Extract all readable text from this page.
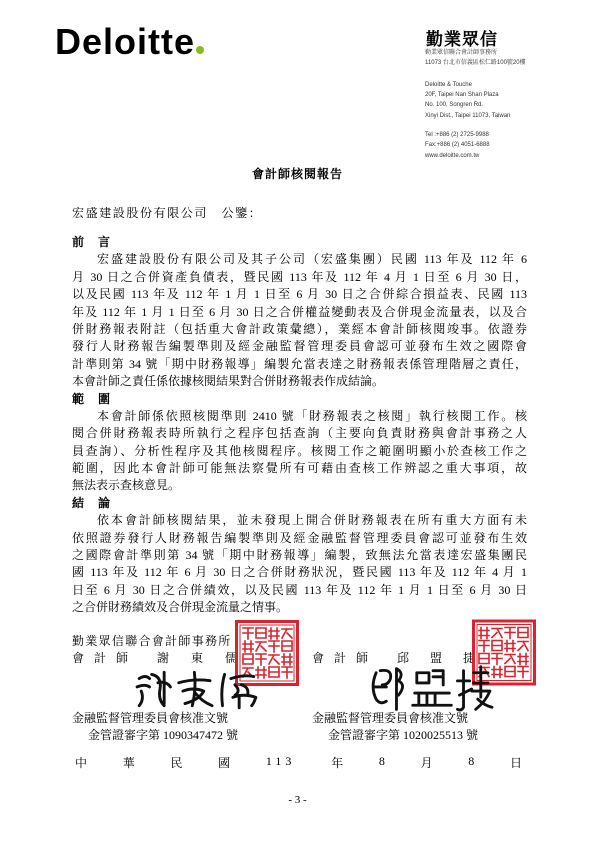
Deloitte	勤業眾信
勤業眾信聯合會計師事務所
11073 台北市信義區松仁路100號20樓
Deloitte & Touche
20F, Taipei Nan Shan Plaza
No. 100, Songren Rd.
Xinyi Dist., Taipei 11073, Taiwan
Tel :+886 (2) 2725-9988
Fax:+886 (2) 4051-6888
www.deloitte.com.tw
會計師核閱報告
宏盛建設股份有限公司　公鑒：
前　言
宏盛建設股份有限公司及其子公司（宏盛集團）民國 113 年及 112 年 6
月 30 日之合併資產負債表，暨民國 113 年及 112 年 4 月 1 日至 6 月 30 日，
以及民國 113 年及 112 年 1 月 1 日至 6 月 30 日之合併綜合損益表、民國 113
年及 112 年 1 月 1 日至 6 月 30 日之合併權益變動表及合併現金流量表，以及合
併財務報表附註（包括重大會計政策彙總），業經本會計師核閱竣事。依證券
發行人財務報告編製準則及經金融監督管理委員會認可並發布生效之國際會
計準則第 34 號「期中財務報導」編製允當表達之財務報表係管理階層之責任，
本會計師之責任係依據核閱結果對合併財務報表作成結論。
範　圍
本會計師係依照核閱準則 2410 號「財務報表之核閱」執行核閱工作。核
閱合併財務報表時所執行之程序包括查詢（主要向負責財務與會計事務之人
員查詢）、分析性程序及其他核閱程序。核閱工作之範圍明顯小於查核工作之
範圍，因此本會計師可能無法察覺所有可藉由查核工作辨認之重大事項，故
無法表示查核意見。
結　論
依本會計師核閱結果，並未發現上開合併財務報表在所有重大方面有未
依照證券發行人財務報告編製準則及經金融監督管理委員會認可並發布生效
之國際會計準則第 34 號「期中財務報導」編製，致無法允當表達宏盛集團民
國 113 年及 112 年 6 月 30 日之合併財務狀況，暨民國 113 年及 112 年 4 月 1
日至 6 月 30 日之合併績效，以及民國 113 年及 112 年 1 月 1 日至 6 月 30 日
之合併財務績效及合併現金流量之情事。
勤業眾信聯合會計師事務所
會計師 謝東儒	會計師 邱盟捷
金融監督管理委員會核准文號
金管證審字第 1090347472 號
金融監督管理委員會核准文號
金管證審字第 1020025513 號
中	華	民	國	113	年	8	月	8	日
- 3 -
